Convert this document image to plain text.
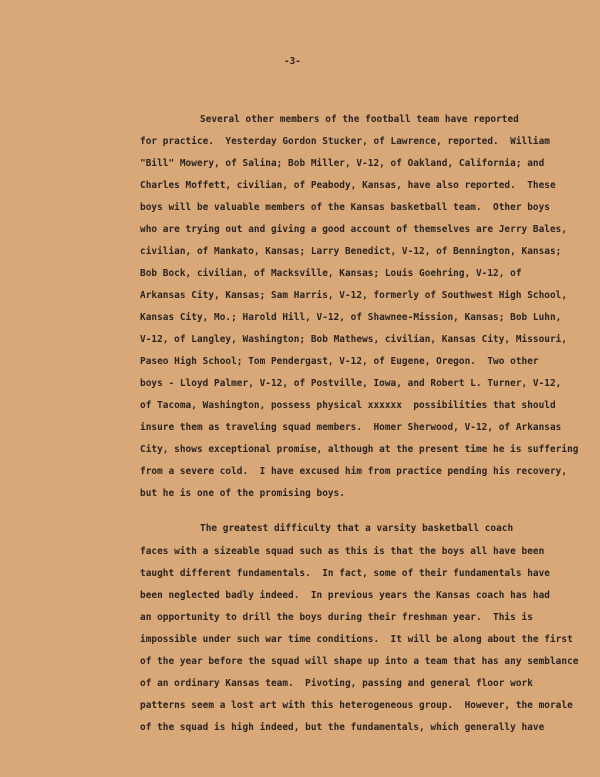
-3-

Several other members of the football team have reported

for practice.  Yesterday Gordon Stucker, of Lawrence, reported.  William

"Bill" Mowery, of Salina; Bob Miller, V-12, of Oakland, California; and

Charles Moffett, civilian, of Peabody, Kansas, have also reported.  These

boys will be valuable members of the Kansas basketball team.  Other boys

who are trying out and giving a good account of themselves are Jerry Bales,

civilian, of Mankato, Kansas; Larry Benedict, V-12, of Bennington, Kansas;

Bob Bock, civilian, of Macksville, Kansas; Louis Goehring, V-12, of

Arkansas City, Kansas; Sam Harris, V-12, formerly of Southwest High School,

Kansas City, Mo.; Harold Hill, V-12, of Shawnee-Mission, Kansas; Bob Luhn,

V-12, of Langley, Washington; Bob Mathews, civilian, Kansas City, Missouri,

Paseo High School; Tom Pendergast, V-12, of Eugene, Oregon.  Two other

boys - Lloyd Palmer, V-12, of Postville, Iowa, and Robert L. Turner, V-12,

of Tacoma, Washington, possess physical xxxxxx  possibilities that should

insure them as traveling squad members.  Homer Sherwood, V-12, of Arkansas

City, shows exceptional promise, although at the present time he is suffering

from a severe cold.  I have excused him from practice pending his recovery,

but he is one of the promising boys.

The greatest difficulty that a varsity basketball coach

faces with a sizeable squad such as this is that the boys all have been

taught different fundamentals.  In fact, some of their fundamentals have

been neglected badly indeed.  In previous years the Kansas coach has had

an opportunity to drill the boys during their freshman year.  This is

impossible under such war time conditions.  It will be along about the first

of the year before the squad will shape up into a team that has any semblance

of an ordinary Kansas team.  Pivoting, passing and general floor work

patterns seem a lost art with this heterogeneous group.  However, the morale

of the squad is high indeed, but the fundamentals, which generally have
